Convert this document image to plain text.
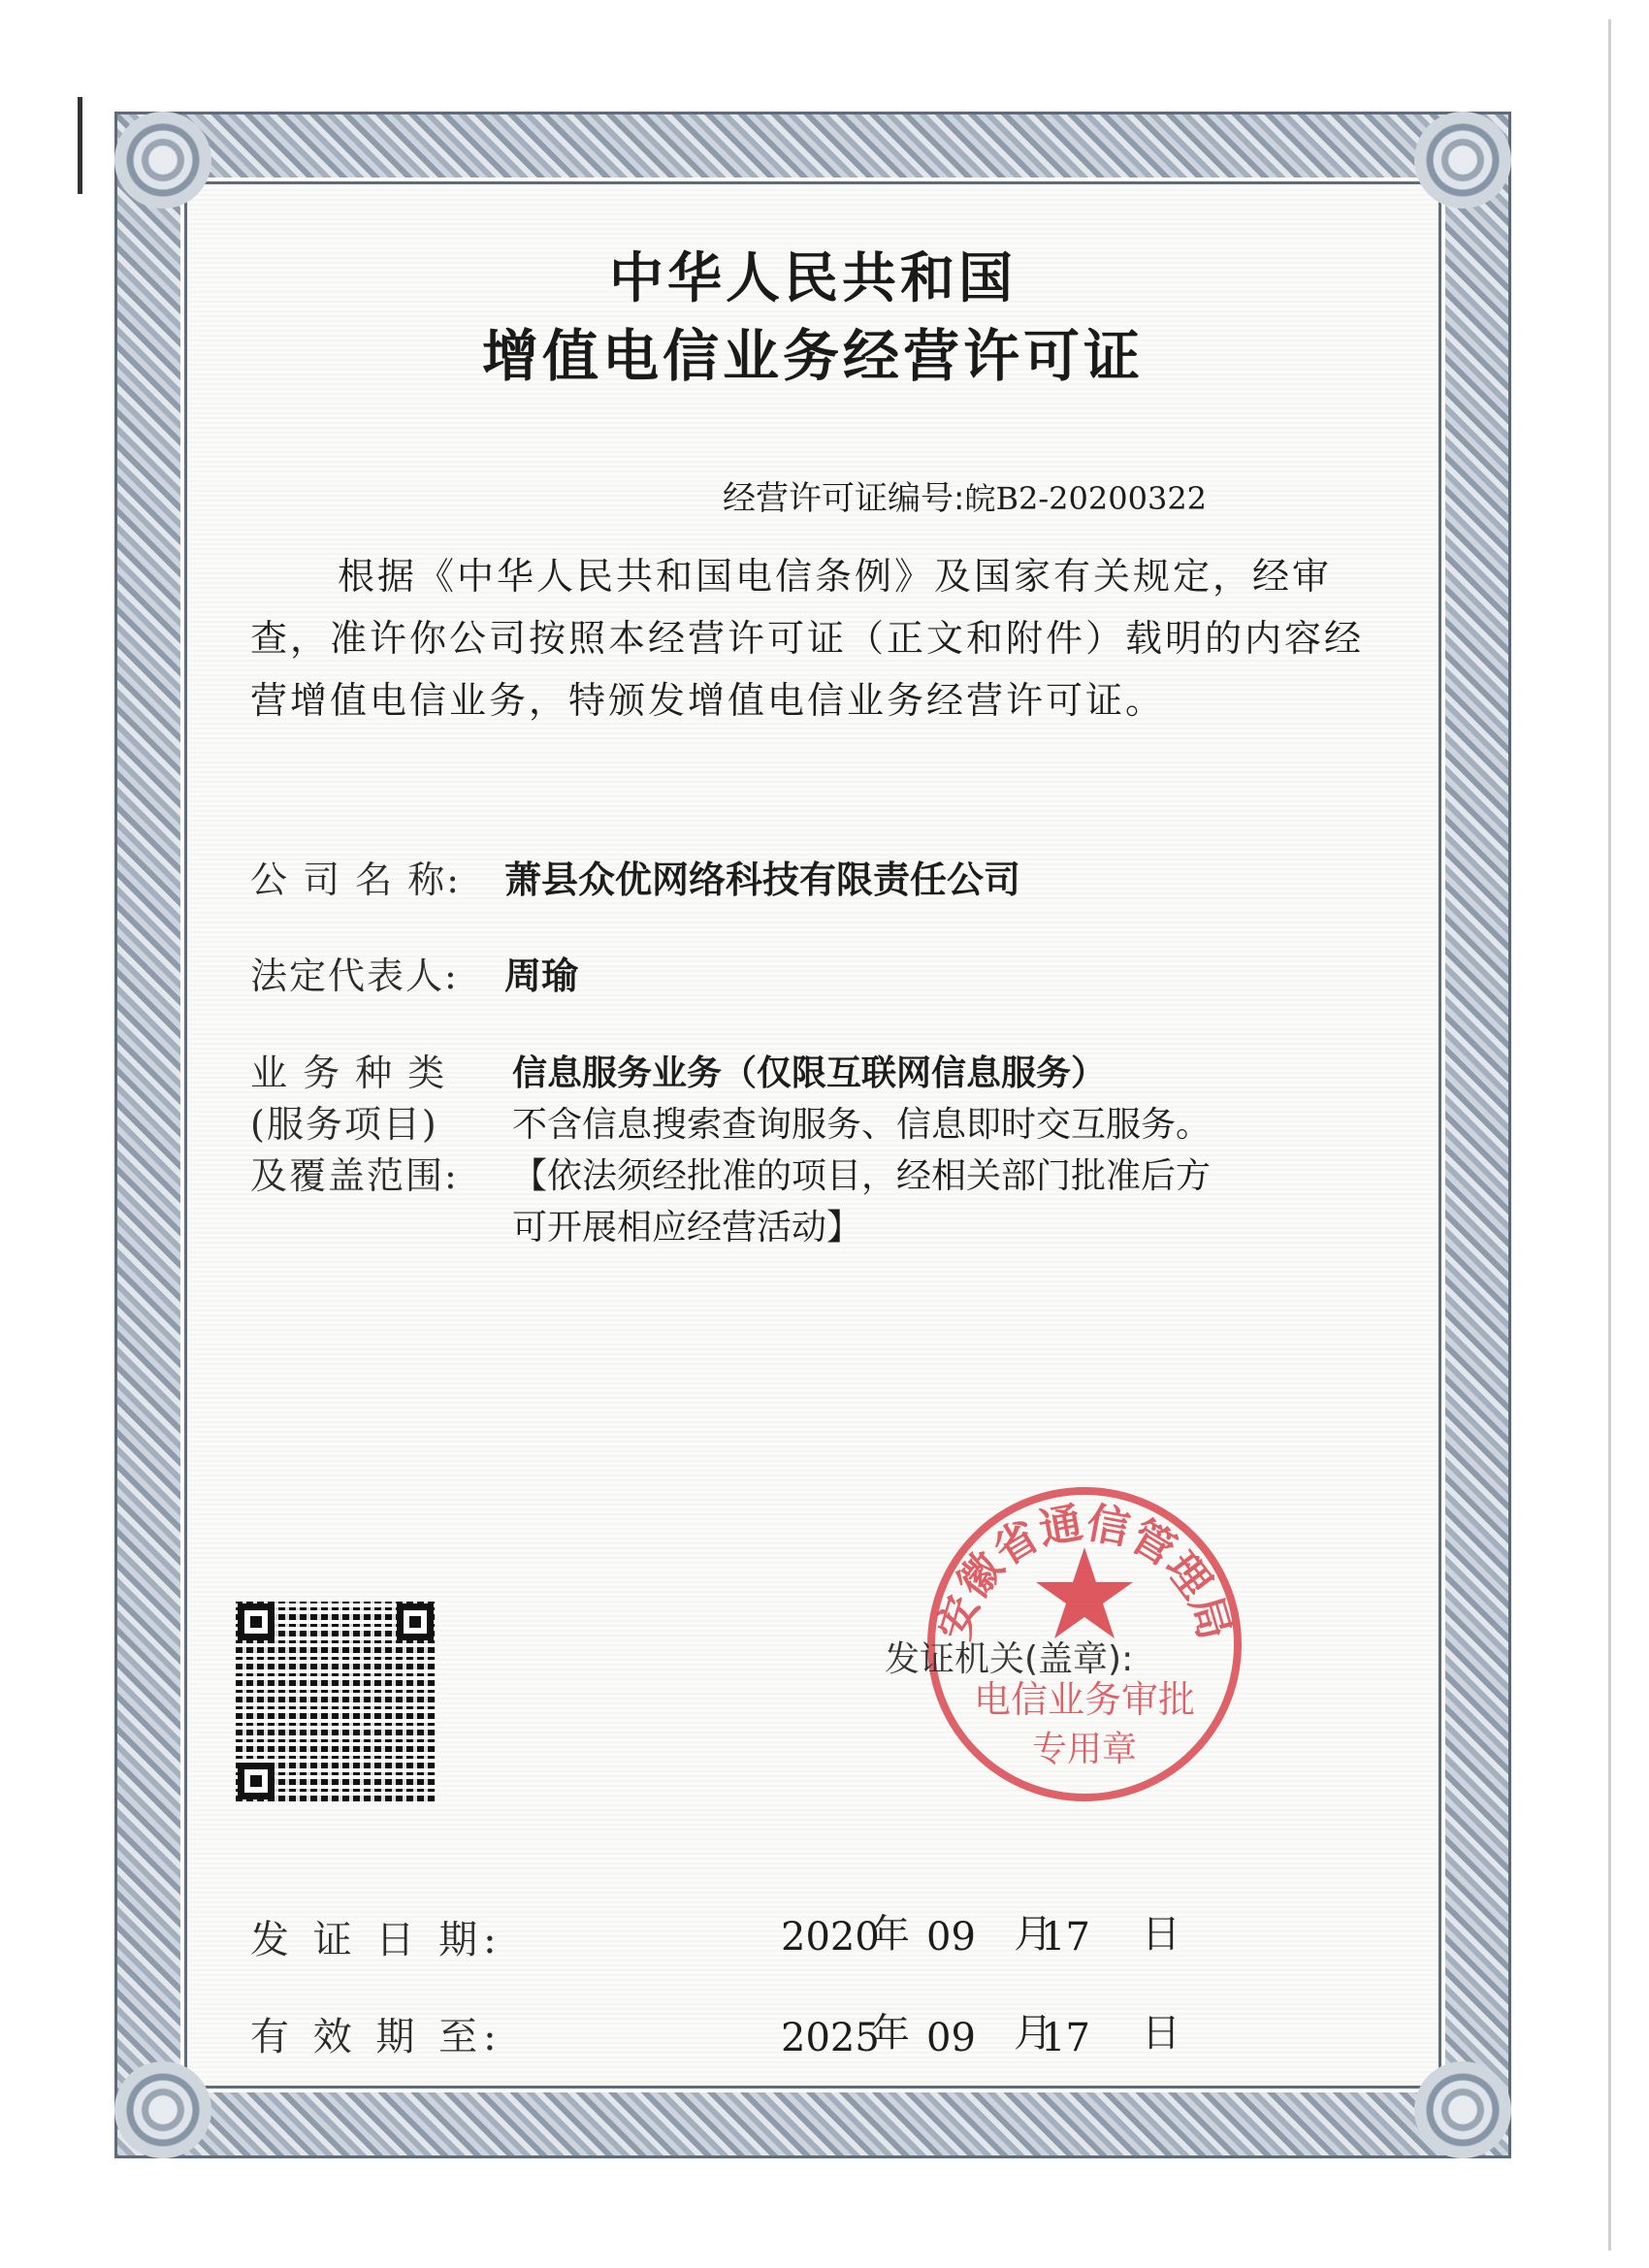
中华人民共和国
增值电信业务经营许可证
经营许可证编号:皖B2-20200322
根据《中华人民共和国电信条例》及国家有关规定，经审查，准许你公司按照本经营许可证（正文和附件）载明的内容经营增值电信业务，特颁发增值电信业务经营许可证。
公 司 名 称: 萧县众优网络科技有限责任公司
法定代表人: 周瑜
业 务 种 类
(服务项目)
及覆盖范围:
信息服务业务（仅限互联网信息服务）
不含信息搜索查询服务、信息即时交互服务。
【依法须经批准的项目，经相关部门批准后方
可开展相应经营活动】
安徽省通信管理局
电信业务审批
专用章
发证机关(盖章):
发 证 日 期:	2020
年 09 月
17 日
有 效 期 至:	2025
年 09 月
17 日
